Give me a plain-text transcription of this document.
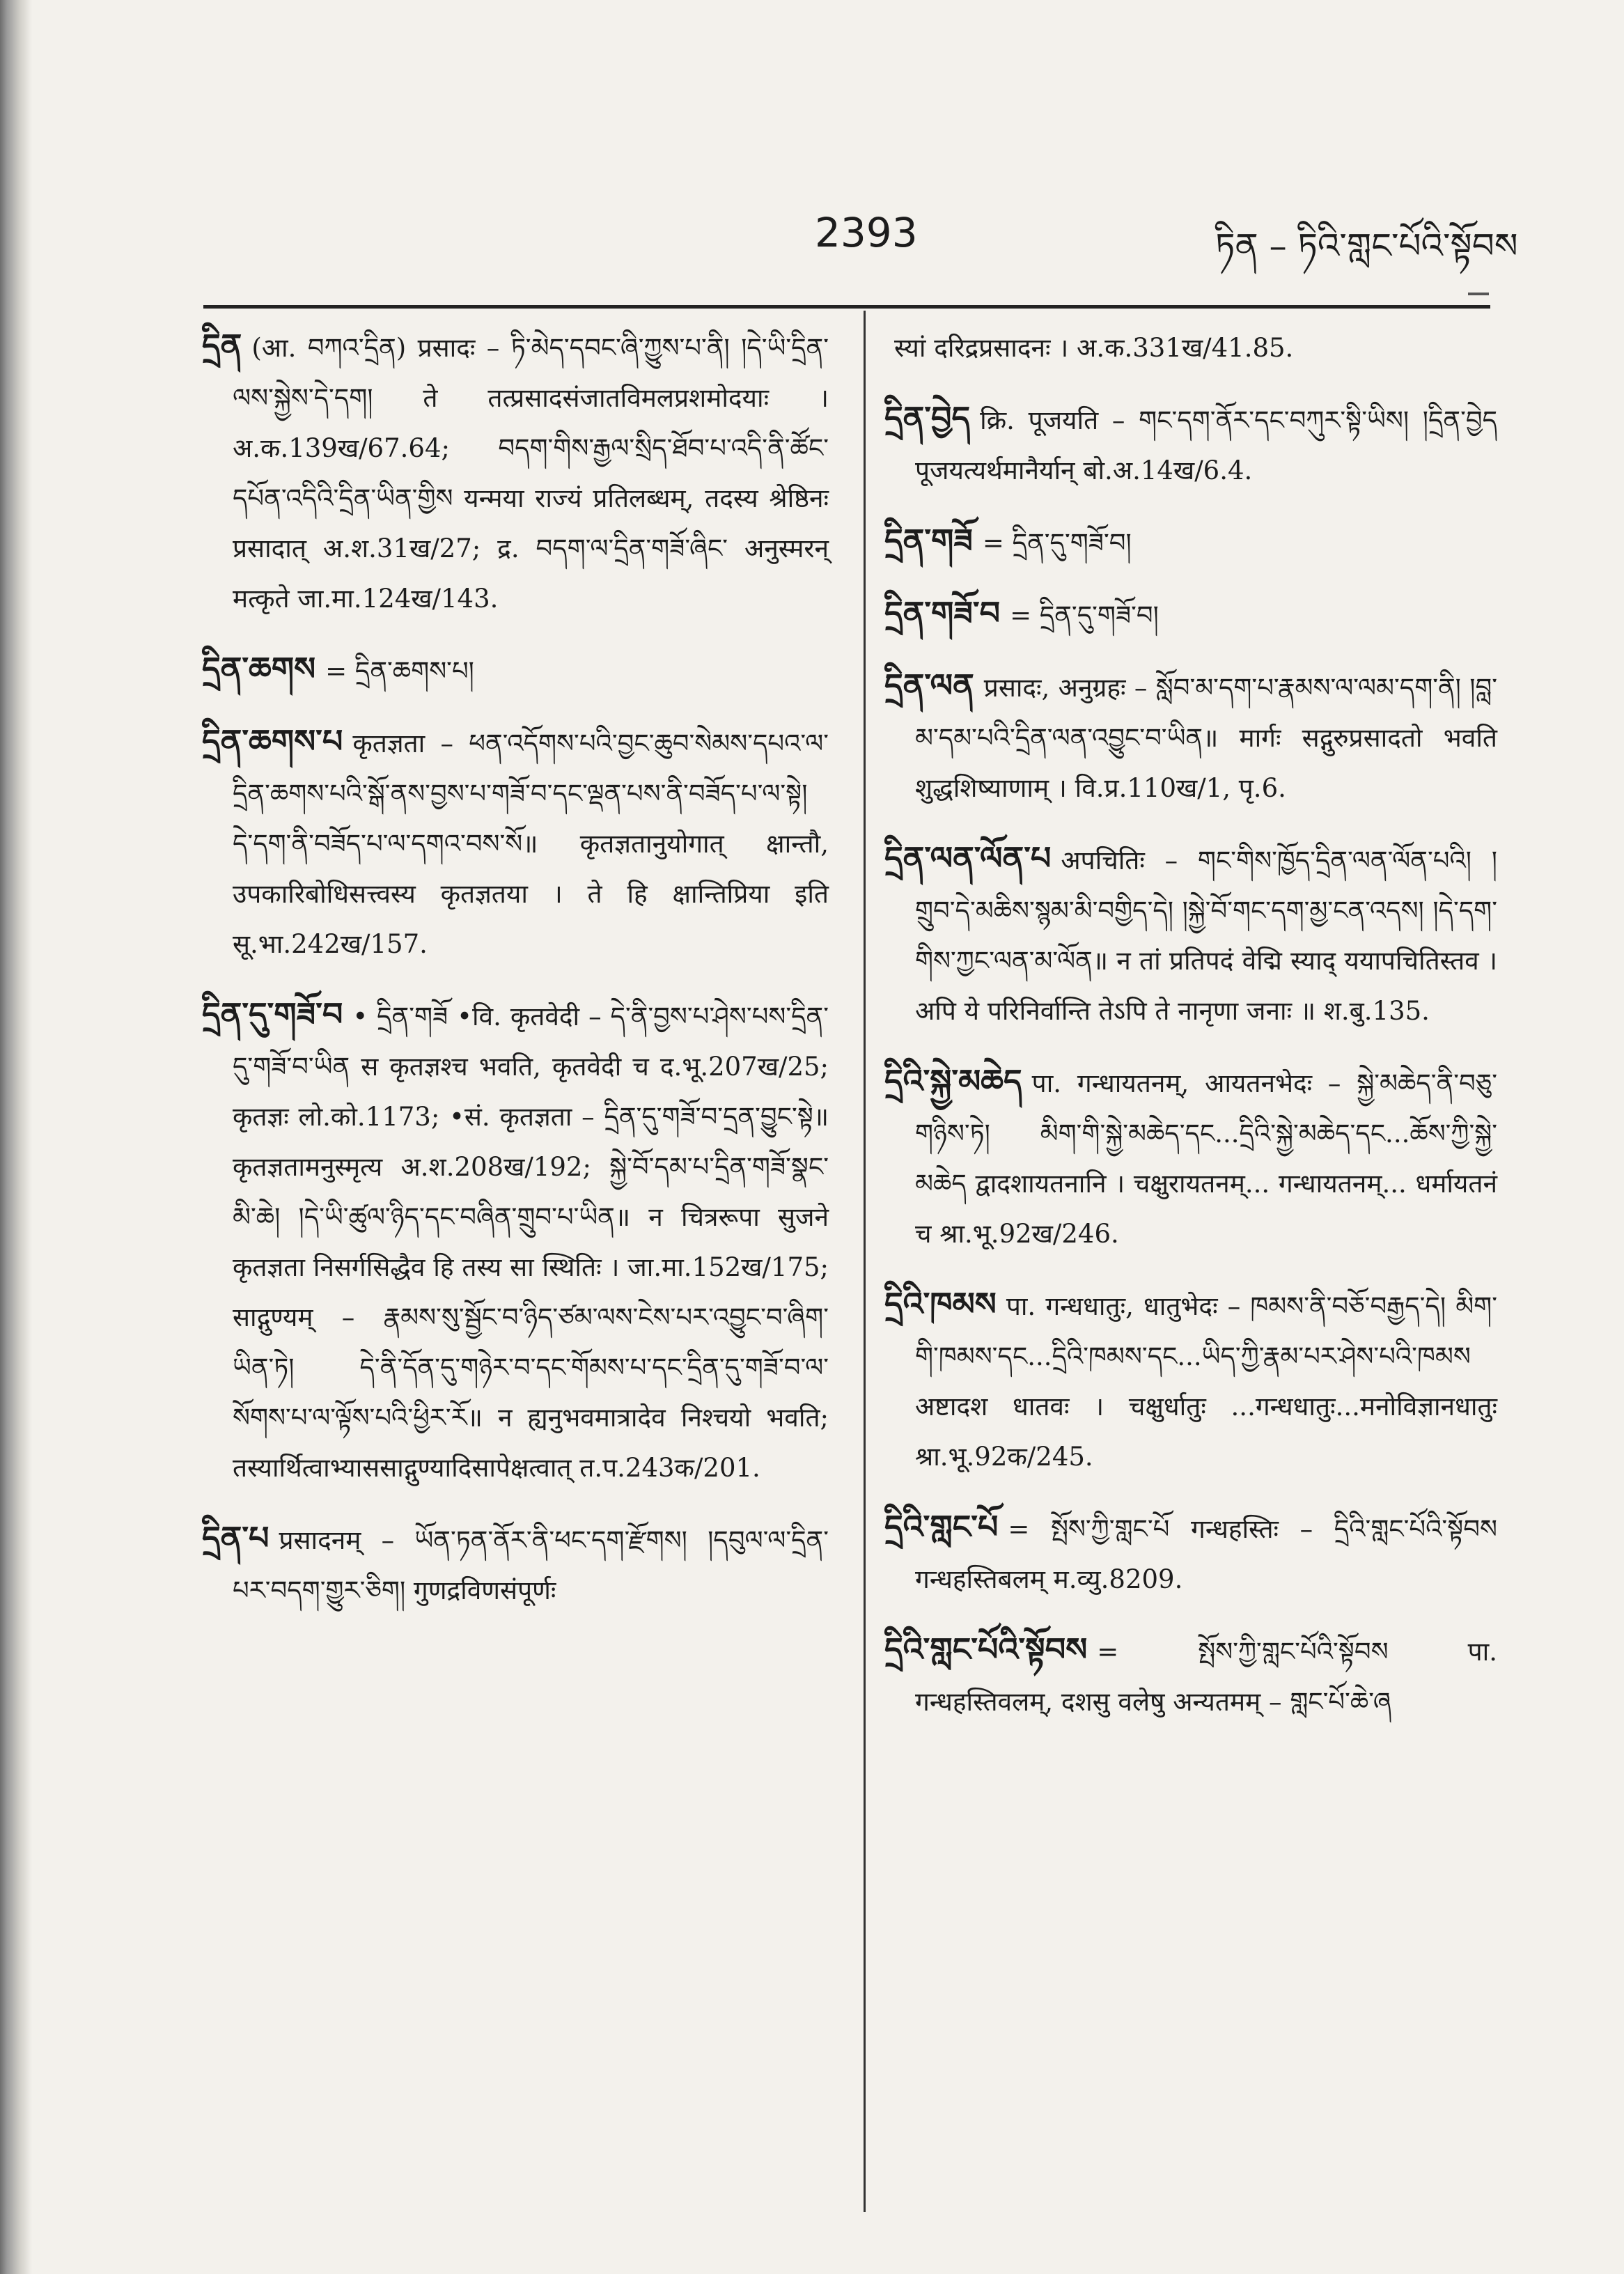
2393	ཏིན – ཏིའི་གླང་པོའི་སྟོབས

དྲིན (आ. བཀའ་དྲིན) प्रसादः – ཏི་མེད་དབང་ཞི་ཀྱུས་པ་ནི། །དེ་ཡི་དྲིན་ལས་སྐྱེས་དེ་དག། ते तत्प्रसादसंजातविमलप्रशमोदयाः । अ.क.139ख/67.64; བདག་གིས་རྒྱལ་སྲིད་ཐོབ་པ་འདི་ནི་ཚོང་དཔོན་འདིའི་དྲིན་ཡིན་གྱིས यन्मया राज्यं प्रतिलब्धम्, तदस्य श्रेष्ठिनः प्रसादात् अ.श.31ख/27; द्र. བདག་ལ་དྲིན་གཟོ་ཞིང་ अनुस्मरन् मत्कृते जा.मा.124ख/143.

དྲིན་ཆགས = དྲིན་ཆགས་པ།

དྲིན་ཆགས་པ कृतज्ञता – ཕན་འདོགས་པའི་བྱང་ཆུབ་སེམས་དཔའ་ལ་དྲིན་ཆགས་པའི་སྒོ་ནས་བྱས་པ་གཟོ་བ་དང་ལྡན་པས་ནི་བཟོད་པ་ལ་སྟེ། དེ་དག་ནི་བཟོད་པ་ལ་དགའ་བས་སོ॥ कृतज्ञतानुयोगात् क्षान्तौ, उपकारिबोधिसत्त्वस्य कृतज्ञतया । ते हि क्षान्तिप्रिया इति सू.भा.242ख/157.

དྲིན་དུ་གཟོ་བ • དྲིན་གཟོ •वि. कृतवेदी – དེ་ནི་བྱས་པ་ཤེས་པས་དྲིན་དུ་གཟོ་བ་ཡིན स कृतज्ञश्च भवति, कृतवेदी च द.भू.207ख/25; कृतज्ञः लो.को.1173; •सं. कृतज्ञता – དྲིན་དུ་གཟོ་བ་དྲན་བྱུང་སྟེ॥ कृतज्ञतामनुस्मृत्य अ.श.208ख/192; སྐྱེ་བོ་དམ་པ་དྲིན་གཟོ་སྣང་མི་ཆེ། །དེ་ཡི་ཚུལ་ཉིད་དང་བཞིན་གྲུབ་པ་ཡིན॥ न चित्ररूपा सुजने कृतज्ञता निसर्गसिद्धैव हि तस्य सा स्थितिः । जा.मा.152ख/175; साद्गुण्यम् – རྣམས་སུ་སྦྱོང་བ་ཉིད་ཙམ་ལས་ངེས་པར་འབྱུང་བ་ཞིག་ཡིན་ཏེ། དེ་ནི་དོན་དུ་གཉེར་བ་དང་གོམས་པ་དང་དྲིན་དུ་གཟོ་བ་ལ་སོགས་པ་ལ་ལྟོས་པའི་ཕྱིར་རོ॥ न ह्यनुभवमात्रादेव निश्चयो भवति; तस्यार्थित्वाभ्याससाद्गुण्यादिसापेक्षत्वात् त.प.243क/201.

དྲིན་པ प्रसादनम् – ཡོན་ཏན་ནོར་ནི་ཕང་དག་རྫོགས། །དབུལ་ལ་དྲིན་པར་བདག་གྱུར་ཅིག། गुणद्रविणसंपूर्णः

स्यां दरिद्रप्रसादनः । अ.क.331ख/41.85.

དྲིན་བྱེད क्रि. पूजयति – གང་དག་ནོར་དང་བཀུར་སྟི་ཡིས། །དྲིན་བྱེད पूजयत्यर्थमानैर्यान् बो.अ.14ख/6.4.

དྲིན་གཟོ = དྲིན་དུ་གཟོ་བ།

དྲིན་གཟོ་བ = དྲིན་དུ་གཟོ་བ།

དྲིན་ལན प्रसादः, अनुग्रहः – སློབ་མ་དག་པ་རྣམས་ལ་ལམ་དག་ནི། །བླ་མ་དམ་པའི་དྲིན་ལན་འབྱུང་བ་ཡིན॥ मार्गः सद्गुरुप्रसादतो भवति शुद्धशिष्याणाम् । वि.प्र.110ख/1, पृ.6.

དྲིན་ལན་ལོན་པ अपचितिः – གང་གིས་ཁྱོད་དྲིན་ལན་ལོན་པའི། །གྲུབ་དེ་མཆིས་སྙམ་མི་བགྱིད་དེ། །སྐྱེ་བོ་གང་དག་མྱ་ངན་འདས། །དེ་དག་གིས་ཀྱང་ལན་མ་ལོན॥ न तां प्रतिपदं वेद्मि स्याद् ययापचितिस्तव । अपि ये परिनिर्वान्ति तेऽपि ते नानृणा जनाः ॥ श.बु.135.

དྲིའི་སྐྱེ་མཆེད पा. गन्धायतनम्, आयतनभेदः – སྐྱེ་མཆེད་ནི་བཅུ་གཉིས་ཏེ། མིག་གི་སྐྱེ་མཆེད་དང...དྲིའི་སྐྱེ་མཆེད་དང...ཆོས་ཀྱི་སྐྱེ་མཆེད द्वादशायतनानि । चक्षुरायतनम्... गन्धायतनम्... धर्मायतनं च श्रा.भू.92ख/246.

དྲིའི་ཁམས पा. गन्धधातुः, धातुभेदः – ཁམས་ནི་བཅོ་བརྒྱད་དེ། མིག་གི་ཁམས་དང...དྲིའི་ཁམས་དང...ཡིད་ཀྱི་རྣམ་པར་ཤེས་པའི་ཁམས अष्टादश धातवः । चक्षुर्धातुः ...गन्धधातुः...मनोविज्ञानधातुः श्रा.भू.92क/245.

དྲིའི་གླང་པོ = སྤོས་ཀྱི་གླང་པོ गन्धहस्तिः – དྲིའི་གླང་པོའི་སྟོབས गन्धहस्तिबलम् म.व्यु.8209.

དྲིའི་གླང་པོའི་སྟོབས = སྤོས་ཀྱི་གླང་པོའི་སྟོབས पा. गन्धहस्तिवलम्, दशसु वलेषु अन्यतमम् – གླང་པོ་ཆེ་ཞ
